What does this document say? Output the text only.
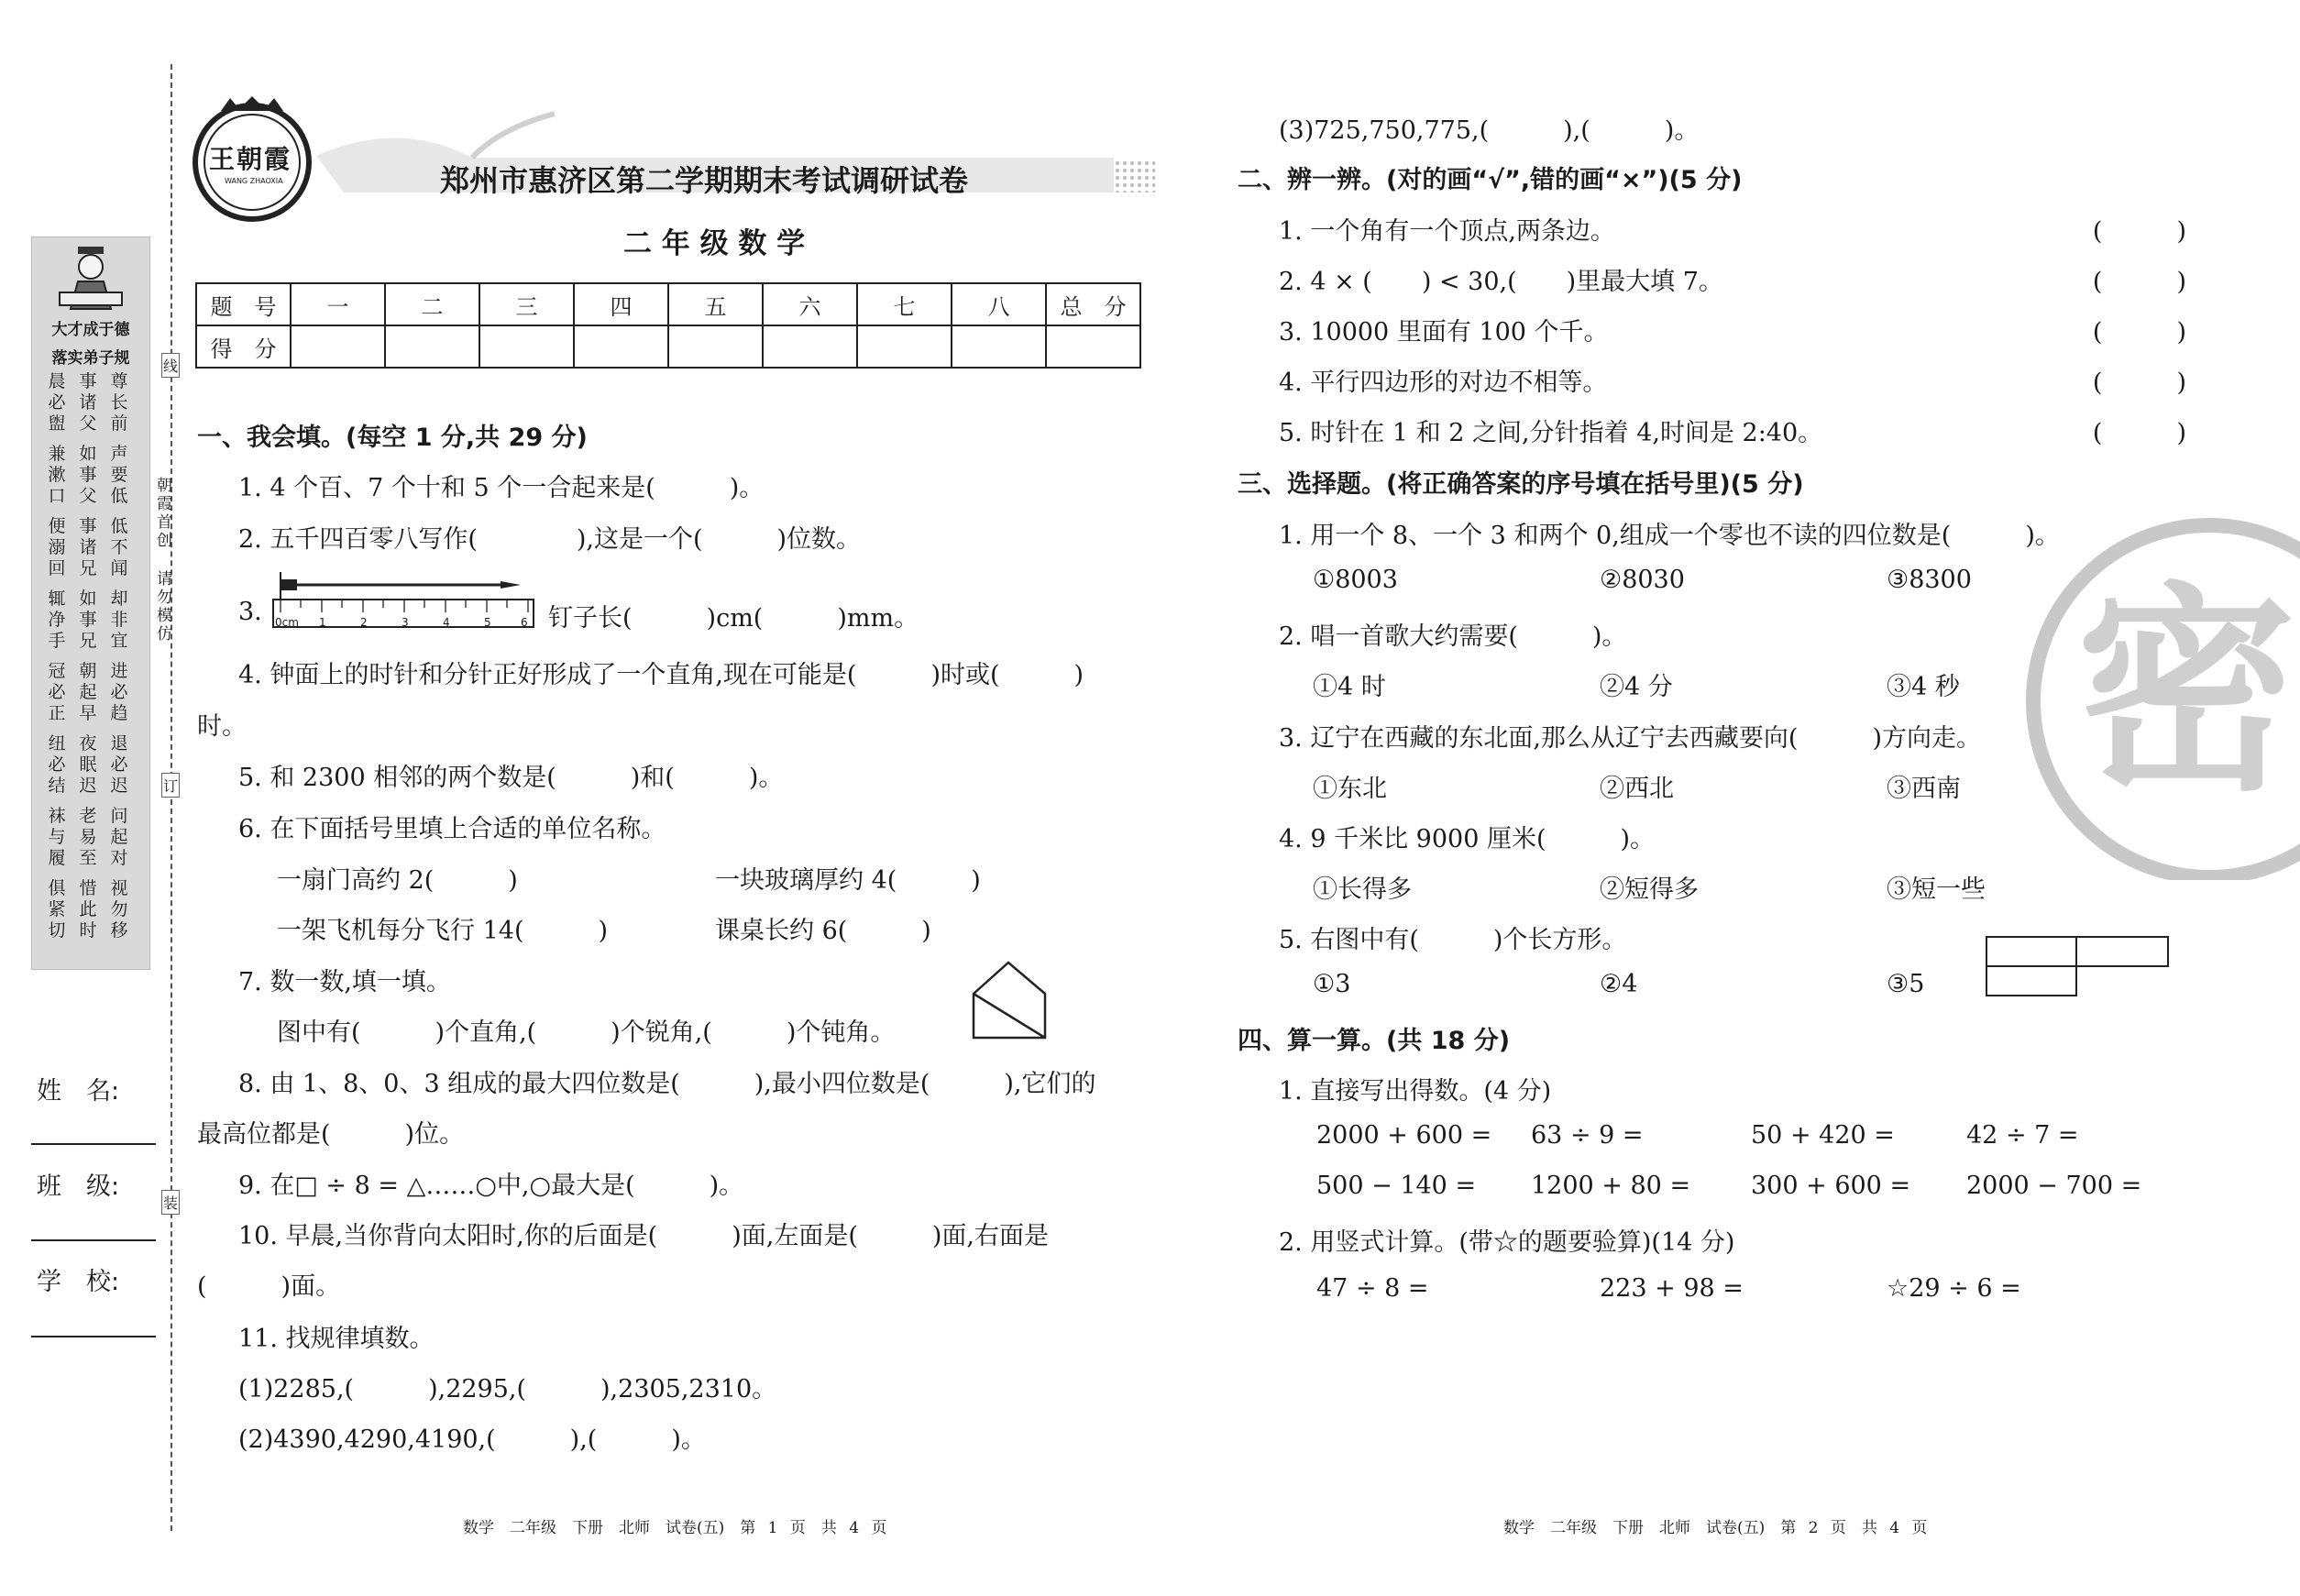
线
订
装
大才成于德
落实弟子规
晨必盥
事诸父
尊长前
兼漱口
如事父
声要低
便溺回
事诸兄
低不闻
辄净手
如事兄
却非宜
冠必正
朝起早
进必趋
纽必结
夜眠迟
退必迟
袜与履
老易至
问起对
俱紧切
惜此时
视勿移
朝霞首创
请勿模仿
姓　名:
班　级:
学　校:
王朝霞
WANG ZHAOXIA	郑州市惠济区第二学期期末考试调研试卷
二 年 级 数 学
题　号	一	二	三	四	五	六	七	八	总　分
得　分									
一、我会填。(每空 1 分,共 29 分)
1. 4 个百、7 个十和 5 个一合起来是(　　　)。
2. 五千四百零八写作(　　　　),这是一个(　　　)位数。
3. 0cm 1	2	3	4	5	6 钉子长(　　　)cm(　　　)mm。
4. 钟面上的时针和分针正好形成了一个直角,现在可能是(　　　)时或(　　　)
时。
5. 和 2300 相邻的两个数是(　　　)和(　　　)。
6. 在下面括号里填上合适的单位名称。
一扇门高约 2(　　　)	一块玻璃厚约 4(　　　)
一架飞机每分飞行 14(　　　)	课桌长约 6(　　　)
7. 数一数,填一填。
图中有(　　　)个直角,(　　　)个锐角,(　　　)个钝角。
8. 由 1、8、0、3 组成的最大四位数是(　　　),最小四位数是(　　　),它们的
最高位都是(　　　)位。
9. 在□ ÷ 8 = △……○中,○最大是(　　　)。
10. 早晨,当你背向太阳时,你的后面是(　　　)面,左面是(　　　)面,右面是
(　　　)面。
11. 找规律填数。
(1)2285,(　　　),2295,(　　　),2305,2310。
(2)4390,4290,4190,(　　　),(　　　)。
数学　二年级　下册　北师　试卷(五)　第 1 页　共 4 页
(3)725,750,775,(　　　),(　　　)。
二、辨一辨。(对的画“√”,错的画“×”)(5 分)
1. 一个角有一个顶点,两条边。	(　　　)
2. 4 × (　　) < 30,(　　)里最大填 7。	(　　　)
3. 10000 里面有 100 个千。	(　　　)
4. 平行四边形的对边不相等。	(　　　)
5. 时针在 1 和 2 之间,分针指着 4,时间是 2:40。	(　　　)
密
三、选择题。(将正确答案的序号填在括号里)(5 分)
1. 用一个 8、一个 3 和两个 0,组成一个零也不读的四位数是(　　　)。
①8003	②8030	③8300
2. 唱一首歌大约需要(　　　)。
①4 时	②4 分	③4 秒
3. 辽宁在西藏的东北面,那么从辽宁去西藏要向(　　　)方向走。
①东北	②西北	③西南
4. 9 千米比 9000 厘米(　　　)。
①长得多	②短得多	③短一些
5. 右图中有(　　　)个长方形。
①3	②4	③5
四、算一算。(共 18 分)
1. 直接写出得数。(4 分)
2000 + 600 = 63 ÷ 9 =	50 + 420 =	42 ÷ 7 =
500 − 140 = 1200 + 80 = 300 + 600 = 2000 − 700 =
2. 用竖式计算。(带☆的题要验算)(14 分)
47 ÷ 8 =	223 + 98 =	☆29 ÷ 6 =
数学　二年级　下册　北师　试卷(五)　第 2 页　共 4 页
